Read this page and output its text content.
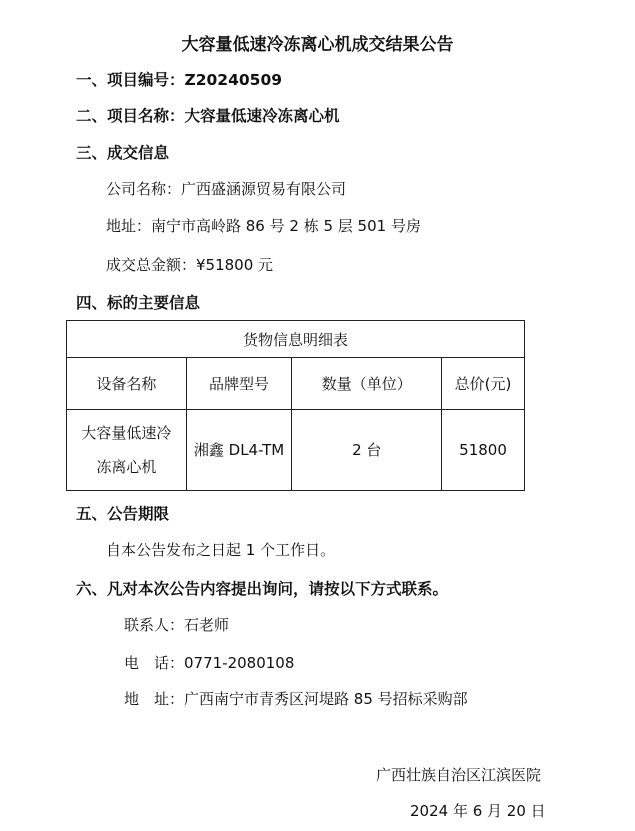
大容量低速冷冻离心机成交结果公告
一、项目编号：Z20240509
二、项目名称：大容量低速冷冻离心机
三、成交信息
公司名称：广西盛涵源贸易有限公司
地址：南宁市高岭路 86 号 2 栋 5 层 501 号房
成交总金额：¥51800 元
四、标的主要信息
货物信息明细表			
设备名称	品牌型号	数量（单位）	总价(元)

大容量低速冷
冻离心机	湘鑫 DL4-TM	2 台	51800
五、公告期限
自本公告发布之日起 1 个工作日。
六、凡对本次公告内容提出询问，请按以下方式联系。
联系人：石老师
电　话：0771-2080108
地　址：广西南宁市青秀区河堤路 85 号招标采购部
广西壮族自治区江滨医院
2024 年 6 月 20 日
